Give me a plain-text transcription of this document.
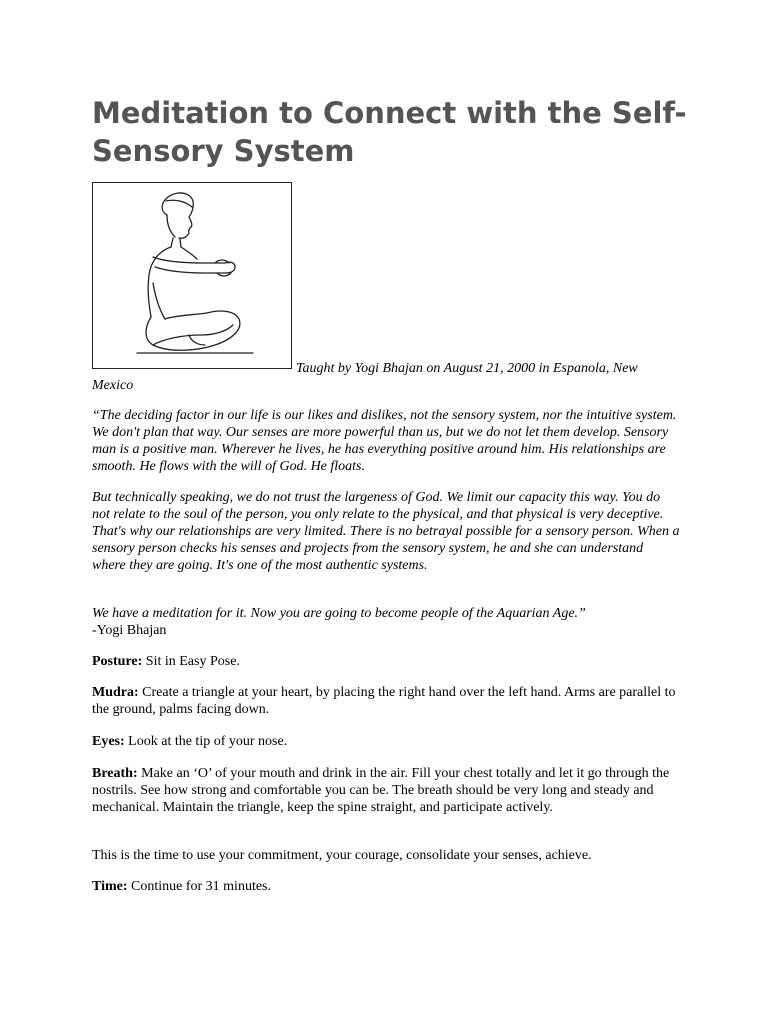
Meditation to Connect with the Self-Sensory System
Taught by Yogi Bhajan on August 21, 2000 in Espanola, New Mexico

“The deciding factor in our life is our likes and dislikes, not the sensory system, nor the intuitive system. We don't plan that way. Our senses are more powerful than us, but we do not let them develop. Sensory man is a positive man. Wherever he lives, he has everything positive around him. His relationships are smooth. He flows with the will of God. He floats.

But technically speaking, we do not trust the largeness of God. We limit our capacity this way. You do not relate to the soul of the person, you only relate to the physical, and that physical is very deceptive. That's why our relationships are very limited. There is no betrayal possible for a sensory person. When a sensory person checks his senses and projects from the sensory system, he and she can understand where they are going. It's one of the most authentic systems.

We have a meditation for it. Now you are going to become people of the Aquarian Age.”

-Yogi Bhajan

Posture: Sit in Easy Pose.

Mudra: Create a triangle at your heart, by placing the right hand over the left hand. Arms are parallel to the ground, palms facing down.

Eyes: Look at the tip of your nose.

Breath: Make an ‘O’ of your mouth and drink in the air. Fill your chest totally and let it go through the nostrils. See how strong and comfortable you can be. The breath should be very long and steady and mechanical. Maintain the triangle, keep the spine straight, and participate actively.

This is the time to use your commitment, your courage, consolidate your senses, achieve.

Time: Continue for 31 minutes.
